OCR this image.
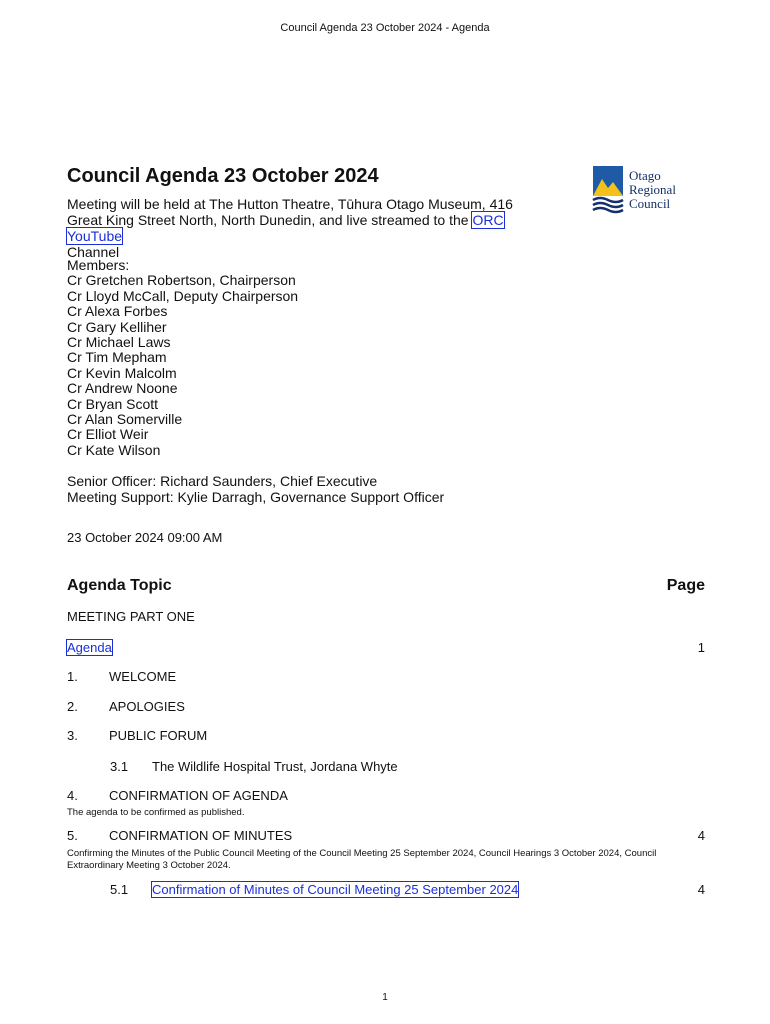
Council Agenda 23 October 2024 - Agenda
Council Agenda 23 October 2024	Otago
Regional
Council
Meeting will be held at The Hutton Theatre, Tūhura Otago Museum, 416 Great King Street North, North Dunedin, and live streamed to the ORC YouTube
Channel
Members:
Cr Gretchen Robertson, Chairperson
Cr Lloyd McCall, Deputy Chairperson
Cr Alexa Forbes
Cr Gary Kelliher
Cr Michael Laws
Cr Tim Mepham
Cr Kevin Malcolm
Cr Andrew Noone
Cr Bryan Scott
Cr Alan Somerville
Cr Elliot Weir
Cr Kate Wilson
Senior Officer: Richard Saunders, Chief Executive
Meeting Support: Kylie Darragh, Governance Support Officer
23 October 2024 09:00 AM
Agenda Topic	Page
MEETING PART ONE
Agenda	1
1. WELCOME
2. APOLOGIES
3. PUBLIC FORUM
3.1 The Wildlife Hospital Trust, Jordana Whyte
4. CONFIRMATION OF AGENDA
The agenda to be confirmed as published.
5. CONFIRMATION OF MINUTES	4
Confirming the Minutes of the Public Council Meeting of the Council Meeting 25 September 2024, Council Hearings 3 October 2024, Council Extraordinary Meeting 3 October 2024.
5.1 Confirmation of Minutes of Council Meeting 25 September 2024	4
1
